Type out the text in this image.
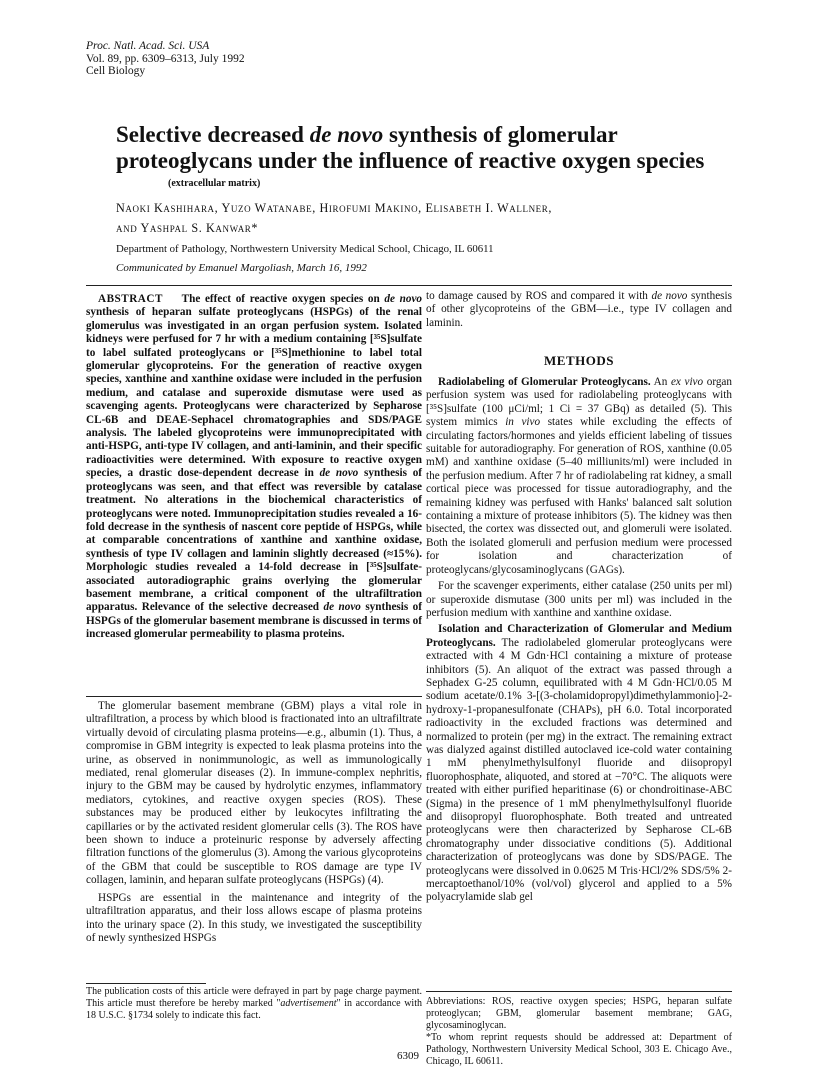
Proc. Natl. Acad. Sci. USA
Vol. 89, pp. 6309–6313, July 1992
Cell Biology
Selective decreased de novo synthesis of glomerular proteoglycans under the influence of reactive oxygen species
(extracellular matrix)
Naoki Kashihara, Yuzo Watanabe, Hirofumi Makino, Elisabeth I. Wallner,
and Yashpal S. Kanwar*
Department of Pathology, Northwestern University Medical School, Chicago, IL 60611
Communicated by Emanuel Margoliash, March 16, 1992
ABSTRACT The effect of reactive oxygen species on de novo synthesis of heparan sulfate proteoglycans (HSPGs) of the renal glomerulus was investigated in an organ perfusion system. Isolated kidneys were perfused for 7 hr with a medium containing [³⁵S]sulfate to label sulfated proteoglycans or [³⁵S]methionine to label total glomerular glycoproteins. For the generation of reactive oxygen species, xanthine and xanthine oxidase were included in the perfusion medium, and catalase and superoxide dismutase were used as scavenging agents. Proteoglycans were characterized by Sepharose CL-6B and DEAE-Sephacel chromatographies and SDS/PAGE analysis. The labeled glycoproteins were immunoprecipitated with anti-HSPG, anti-type IV collagen, and anti-laminin, and their specific radioactivities were determined. With exposure to reactive oxygen species, a drastic dose-dependent decrease in de novo synthesis of proteoglycans was seen, and that effect was reversible by catalase treatment. No alterations in the biochemical characteristics of proteoglycans were noted. Immunoprecipitation studies revealed a 16-fold decrease in the synthesis of nascent core peptide of HSPGs, while at comparable concentrations of xanthine and xanthine oxidase, synthesis of type IV collagen and laminin slightly decreased (≈15%). Morphologic studies revealed a 14-fold decrease in [³⁵S]sulfate-associated autoradiographic grains overlying the glomerular basement membrane, a critical component of the ultrafiltration apparatus. Relevance of the selective decreased de novo synthesis of HSPGs of the glomerular basement membrane is discussed in terms of increased glomerular permeability to plasma proteins.

The glomerular basement membrane (GBM) plays a vital role in ultrafiltration, a process by which blood is fractionated into an ultrafiltrate virtually devoid of circulating plasma proteins—e.g., albumin (1). Thus, a compromise in GBM integrity is expected to leak plasma proteins into the urine, as observed in nonimmunologic, as well as immunologically mediated, renal glomerular diseases (2). In immune-complex nephritis, injury to the GBM may be caused by hydrolytic enzymes, inflammatory mediators, cytokines, and reactive oxygen species (ROS). These substances may be produced either by leukocytes infiltrating the capillaries or by the activated resident glomerular cells (3). The ROS have been shown to induce a proteinuric response by adversely affecting filtration functions of the glomerulus (3). Among the various glycoproteins of the GBM that could be susceptible to ROS damage are type IV collagen, laminin, and heparan sulfate proteoglycans (HSPGs) (4).

HSPGs are essential in the maintenance and integrity of the ultrafiltration apparatus, and their loss allows escape of plasma proteins into the urinary space (2). In this study, we investigated the susceptibility of newly synthesized HSPGs

The publication costs of this article were defrayed in part by page charge payment. This article must therefore be hereby marked "advertisement" in accordance with 18 U.S.C. §1734 solely to indicate this fact.

to damage caused by ROS and compared it with de novo synthesis of other glycoproteins of the GBM—i.e., type IV collagen and laminin.

METHODS

Radiolabeling of Glomerular Proteoglycans. An ex vivo organ perfusion system was used for radiolabeling proteoglycans with [³⁵S]sulfate (100 μCi/ml; 1 Ci = 37 GBq) as detailed (5). This system mimics in vivo states while excluding the effects of circulating factors/hormones and yields efficient labeling of tissues suitable for autoradiography. For generation of ROS, xanthine (0.05 mM) and xanthine oxidase (5–40 milliunits/ml) were included in the perfusion medium. After 7 hr of radiolabeling rat kidney, a small cortical piece was processed for tissue autoradiography, and the remaining kidney was perfused with Hanks' balanced salt solution containing a mixture of protease inhibitors (5). The kidney was then bisected, the cortex was dissected out, and glomeruli were isolated. Both the isolated glomeruli and perfusion medium were processed for isolation and characterization of proteoglycans/glycosaminoglycans (GAGs).

For the scavenger experiments, either catalase (250 units per ml) or superoxide dismutase (300 units per ml) was included in the perfusion medium with xanthine and xanthine oxidase.

Isolation and Characterization of Glomerular and Medium Proteoglycans. The radiolabeled glomerular proteoglycans were extracted with 4 M Gdn·HCl containing a mixture of protease inhibitors (5). An aliquot of the extract was passed through a Sephadex G-25 column, equilibrated with 4 M Gdn·HCl/0.05 M sodium acetate/0.1% 3-[(3-cholamidopropyl)dimethylammonio]-2-hydroxy-1-propanesulfonate (CHAPs), pH 6.0. Total incorporated radioactivity in the excluded fractions was determined and normalized to protein (per mg) in the extract. The remaining extract was dialyzed against distilled autoclaved ice-cold water containing 1 mM phenylmethylsulfonyl fluoride and diisopropyl fluorophosphate, aliquoted, and stored at −70°C. The aliquots were treated with either purified heparitinase (6) or chondroitinase-ABC (Sigma) in the presence of 1 mM phenylmethylsulfonyl fluoride and diisopropyl fluorophosphate. Both treated and untreated proteoglycans were then characterized by Sepharose CL-6B chromatography under dissociative conditions (5). Additional characterization of proteoglycans was done by SDS/PAGE. The proteoglycans were dissolved in 0.0625 M Tris·HCl/2% SDS/5% 2-mercaptoethanol/10% (vol/vol) glycerol and applied to a 5% polyacrylamide slab gel

Abbreviations: ROS, reactive oxygen species; HSPG, heparan sulfate proteoglycan; GBM, glomerular basement membrane; GAG, glycosaminoglycan.

*To whom reprint requests should be addressed at: Department of Pathology, Northwestern University Medical School, 303 E. Chicago Ave., Chicago, IL 60611.

6309
